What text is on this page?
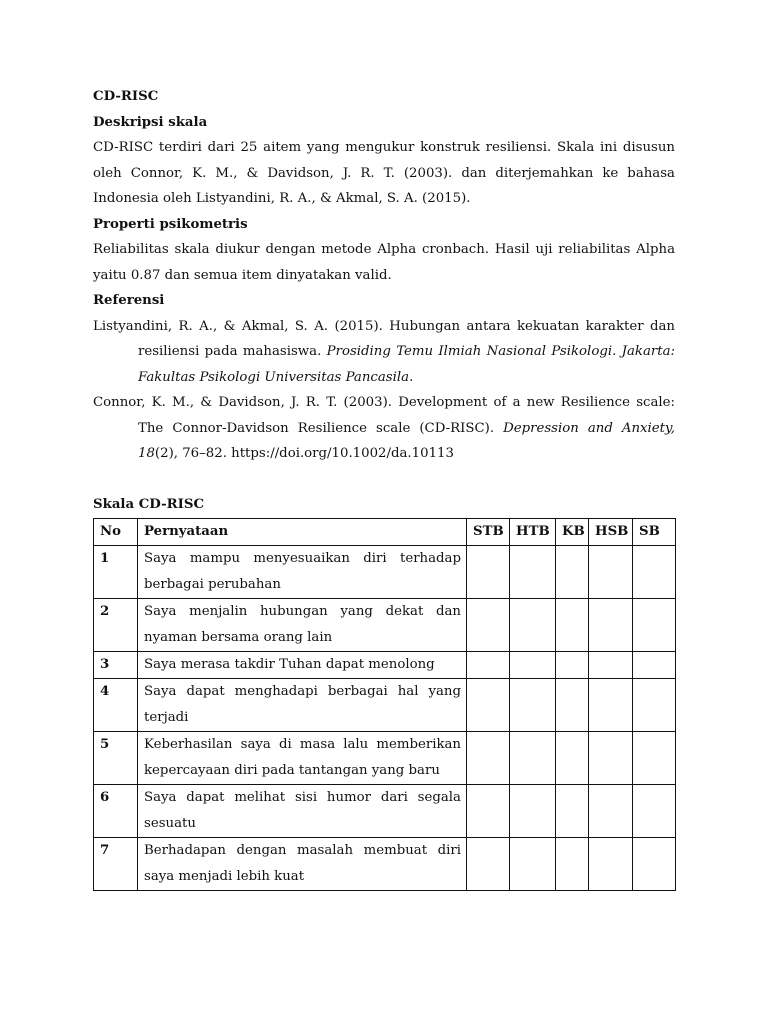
CD-RISC

Deskripsi skala

CD-RISC terdiri dari 25 aitem yang mengukur konstruk resiliensi. Skala ini disusun oleh Connor, K. M., & Davidson, J. R. T. (2003). dan diterjemahkan ke bahasa Indonesia oleh Listyandini, R. A., & Akmal, S. A. (2015).

Properti psikometris

Reliabilitas skala diukur dengan metode Alpha cronbach. Hasil uji reliabilitas Alpha yaitu 0.87 dan semua item dinyatakan valid.

Referensi

Listyandini, R. A., & Akmal, S. A. (2015). Hubungan antara kekuatan karakter dan resiliensi pada mahasiswa. Prosiding Temu Ilmiah Nasional Psikologi. Jakarta: Fakultas Psikologi Universitas Pancasila.

Connor, K. M., & Davidson, J. R. T. (2003). Development of a new Resilience scale: The Connor-Davidson Resilience scale (CD-RISC). Depression and Anxiety, 18(2), 76–82. https://doi.org/10.1002/da.10113

Skala CD-RISC

No	Pernyataan	STB	HTB	KB	HSB	SB
1	Saya mampu menyesuaikan diri terhadap berbagai perubahan					
2	Saya menjalin hubungan yang dekat dan nyaman bersama orang lain					
3	Saya merasa takdir Tuhan dapat menolong					
4	Saya dapat menghadapi berbagai hal yang terjadi					
5	Keberhasilan saya di masa lalu memberikan kepercayaan diri pada tantangan yang baru					
6	Saya dapat melihat sisi humor dari segala sesuatu					
7	Berhadapan dengan masalah membuat diri saya menjadi lebih kuat					
